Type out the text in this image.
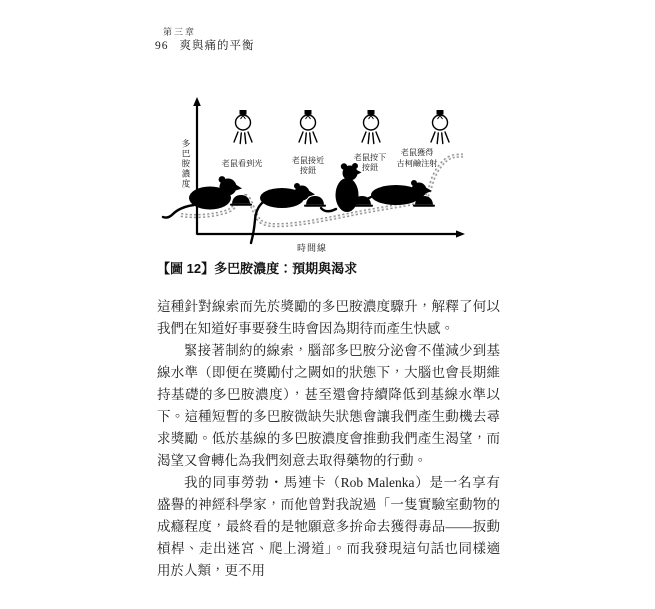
第三章
96 爽與痛的平衡
多巴胺濃度	老鼠看到光	老鼠接近
按鈕
老鼠按下
按鈕
老鼠獲得
古柯鹼注射
時間線
【圖 12】多巴胺濃度：預期與渴求

這種針對線索而先於獎勵的多巴胺濃度驟升，解釋了何以我們在知道好事要發生時會因為期待而產生快感。

緊接著制約的線索，腦部多巴胺分泌會不僅減少到基線水準（即便在獎勵付之闕如的狀態下，大腦也會長期維持基礎的多巴胺濃度），甚至還會持續降低到基線水準以下。這種短暫的多巴胺微缺失狀態會讓我們產生動機去尋求獎勵。低於基線的多巴胺濃度會推動我們產生渴望，而渴望又會轉化為我們刻意去取得藥物的行動。

我的同事勞勃・馬連卡（Rob Malenka）是一名享有盛譽的神經科學家，而他曾對我說過「一隻實驗室動物的成癮程度，最終看的是牠願意多拚命去獲得毒品——扳動槓桿、走出迷宮、爬上滑道」。而我發現這句話也同樣適用於人類，更不用
